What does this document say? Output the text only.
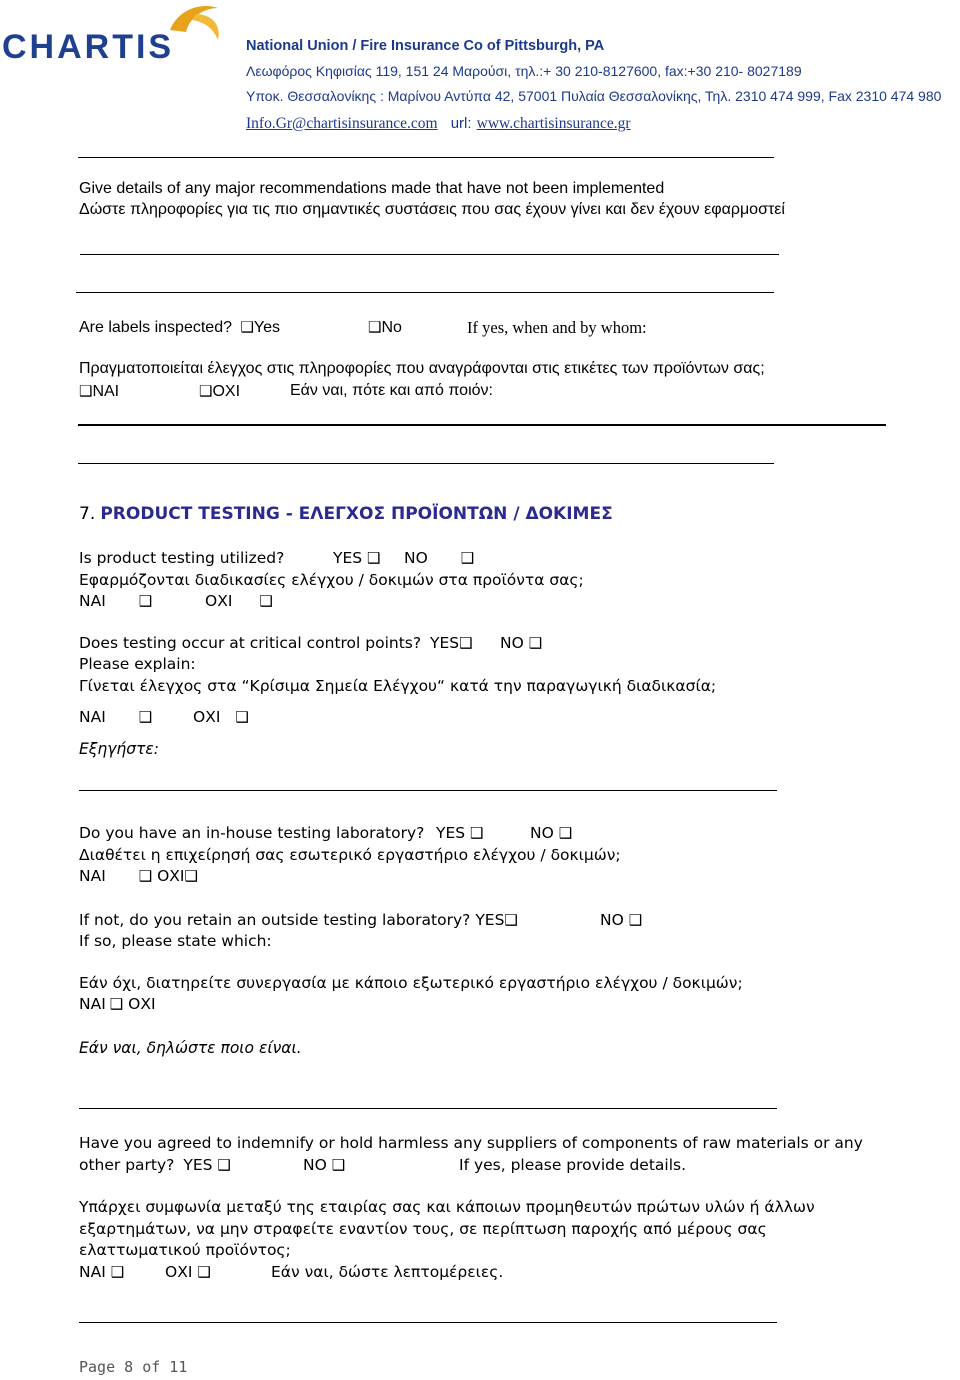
CHARTIS	National Union / Fire Insurance Co of Pittsburgh, PA
Λεωφόρος Κηφισίας 119, 151 24 Μαρούσι, τηλ.:+ 30 210-8127600, fax:+30 210- 8027189
Υποκ. Θεσσαλονίκης : Μαρίνου Αντύπα 42, 57001 Πυλαία Θεσσαλονίκης, Τηλ. 2310 474 999, Fax 2310 474 980
Info.Gr@chartisinsurance.com url: www.chartisinsurance.gr
Give details of any major recommendations made that have not been implemented
Δώστε πληροφορίες για τις πιο σημαντικές συστάσεις που σας έχουν γίνει και δεν έχουν εφαρμοστεί
Are labels inspected? ❑Yes	❑No	If yes, when and by whom:
Πραγματοποιείται έλεγχος στις πληροφορίες που αναγράφονται στις ετικέτες των προϊόντων σας;
❑ΝΑΙ	❑ΟΧΙ	Εάν ναι, πότε και από ποιόν:
7. PRODUCT TESTING - ΕΛΕΓΧΟΣ ΠΡΟΪΟΝΤΩΝ / ΔΟΚΙΜΕΣ
Is product testing utilized?	YES ❑ NO ❑
Εφαρμόζονται διαδικασίες ελέγχου / δοκιμών στα προϊόντα σας;
ΝΑΙ ❑	ΟΧΙ ❑
Does testing occur at critical control points? YES❑ NO ❑
Please explain:
Γίνεται έλεγχος στα “Κρίσιμα Σημεία Ελέγχου“ κατά την παραγωγική διαδικασία;
ΝΑΙ ❑	ΟΧΙ ❑
Εξηγήστε:
Do you have an in-house testing laboratory? YES ❑	NO ❑
Διαθέτει η επιχείρησή σας εσωτερικό εργαστήριο ελέγχου / δοκιμών;
ΝΑΙ ❑ ΟΧΙ❑
If not, do you retain an outside testing laboratory? YES❑	NO ❑
If so, please state which:
Εάν όχι, διατηρείτε συνεργασία με κάποιο εξωτερικό εργαστήριο ελέγχου / δοκιμών;
ΝΑΙ ❑ ΟΧΙ
Εάν ναι, δηλώστε ποιο είναι.
Have you agreed to indemnify or hold harmless any suppliers of components of raw materials or any
other party? YES ❑	NO ❑	If yes, please provide details.
Υπάρχει συμφωνία μεταξύ της εταιρίας σας και κάποιων προμηθευτών πρώτων υλών ή άλλων
εξαρτημάτων, να μην στραφείτε εναντίον τους, σε περίπτωση παροχής από μέρους σας
ελαττωματικού προϊόντος;
ΝΑΙ ❑	ΟΧΙ ❑	Εάν ναι, δώστε λεπτομέρειες.
Page 8 of 11
